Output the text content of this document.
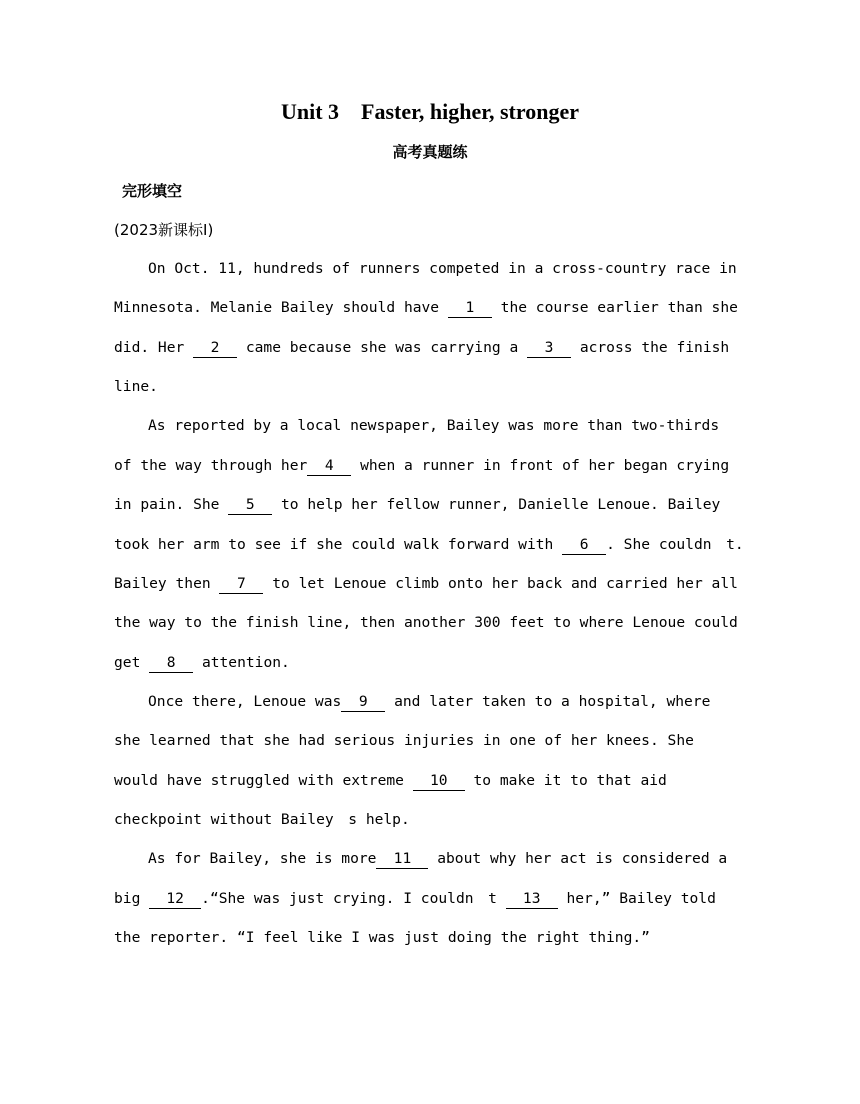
Unit 3　Faster, higher, stronger
高考真题练
完形填空
(2023新课标Ⅰ)
On Oct. 11, hundreds of runners competed in a cross-country race in
Minnesota. Melanie Bailey should have 1 the course earlier than she
did. Her 2 came because she was carrying a 3 across the finish
line.
As reported by a local newspaper, Bailey was more than two-thirds
of the way through her 4 when a runner in front of her began crying
in pain. She 5 to help her fellow runner, Danielle Lenoue. Bailey
took her arm to see if she could walk forward with 6 . She couldn　t.
Bailey then 7 to let Lenoue climb onto her back and carried her all
the way to the finish line, then another 300 feet to where Lenoue could
get 8 attention.
Once there, Lenoue was 9 and later taken to a hospital, where
she learned that she had serious injuries in one of her knees. She
would have struggled with extreme 10 to make it to that aid
checkpoint without Bailey　s help.
As for Bailey, she is more 11 about why her act is considered a
big 12 .“She was just crying. I couldn　t 13 her,” Bailey told
the reporter. “I feel like I was just doing the right thing.”
